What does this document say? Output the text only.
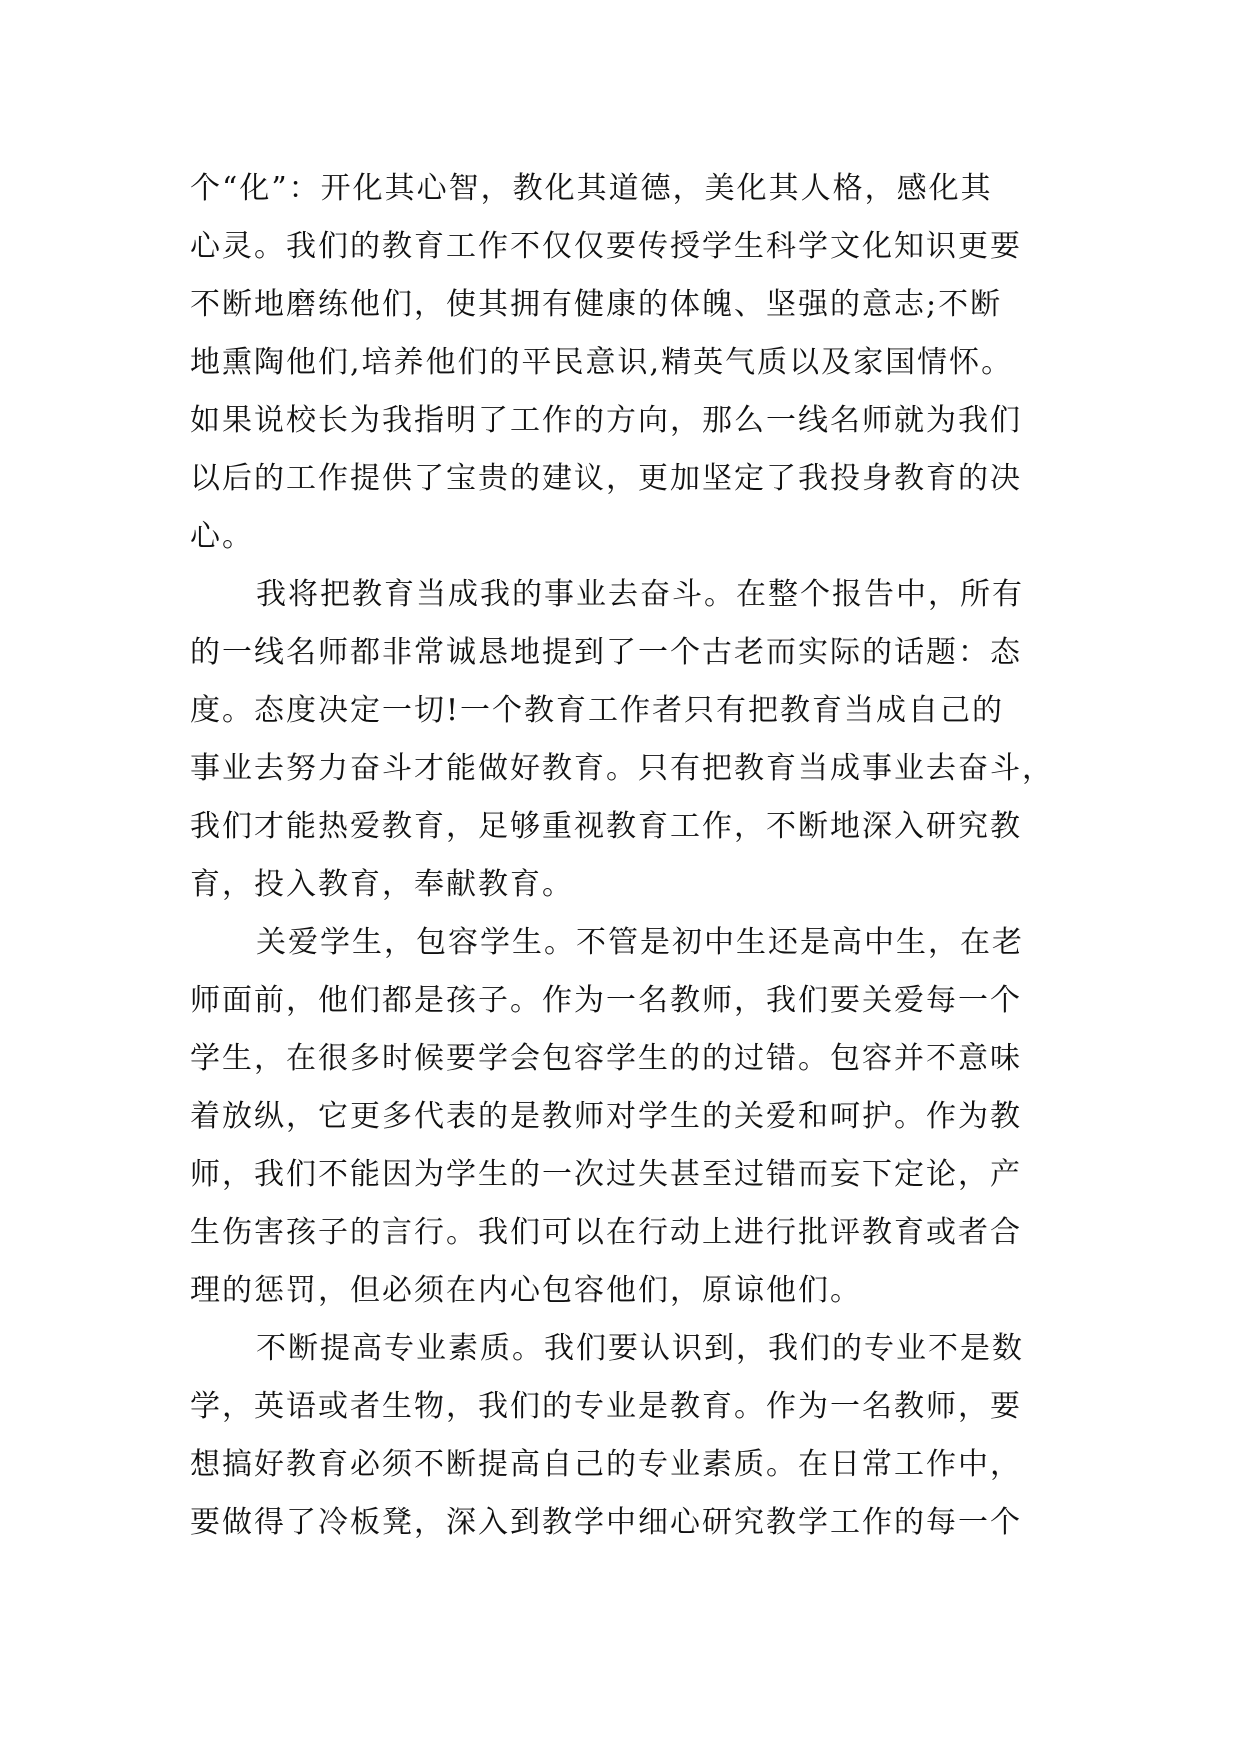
个“化”：开化其心智，教化其道德，美化其人格，感化其
心灵。我们的教育工作不仅仅要传授学生科学文化知识更要
不断地磨练他们，使其拥有健康的体魄、坚强的意志;不断
地熏陶他们,培养他们的平民意识,精英气质以及家国情怀。
如果说校长为我指明了工作的方向，那么一线名师就为我们
以后的工作提供了宝贵的建议，更加坚定了我投身教育的决
心。
我将把教育当成我的事业去奋斗。在整个报告中，所有
的一线名师都非常诚恳地提到了一个古老而实际的话题：态
度。态度决定一切!一个教育工作者只有把教育当成自己的
事业去努力奋斗才能做好教育。只有把教育当成事业去奋斗，
我们才能热爱教育，足够重视教育工作，不断地深入研究教
育，投入教育，奉献教育。
关爱学生，包容学生。不管是初中生还是高中生，在老
师面前，他们都是孩子。作为一名教师，我们要关爱每一个
学生，在很多时候要学会包容学生的的过错。包容并不意味
着放纵，它更多代表的是教师对学生的关爱和呵护。作为教
师，我们不能因为学生的一次过失甚至过错而妄下定论，产
生伤害孩子的言行。我们可以在行动上进行批评教育或者合
理的惩罚，但必须在内心包容他们，原谅他们。
不断提高专业素质。我们要认识到，我们的专业不是数
学，英语或者生物，我们的专业是教育。作为一名教师，要
想搞好教育必须不断提高自己的专业素质。在日常工作中，
要做得了冷板凳，深入到教学中细心研究教学工作的每一个
